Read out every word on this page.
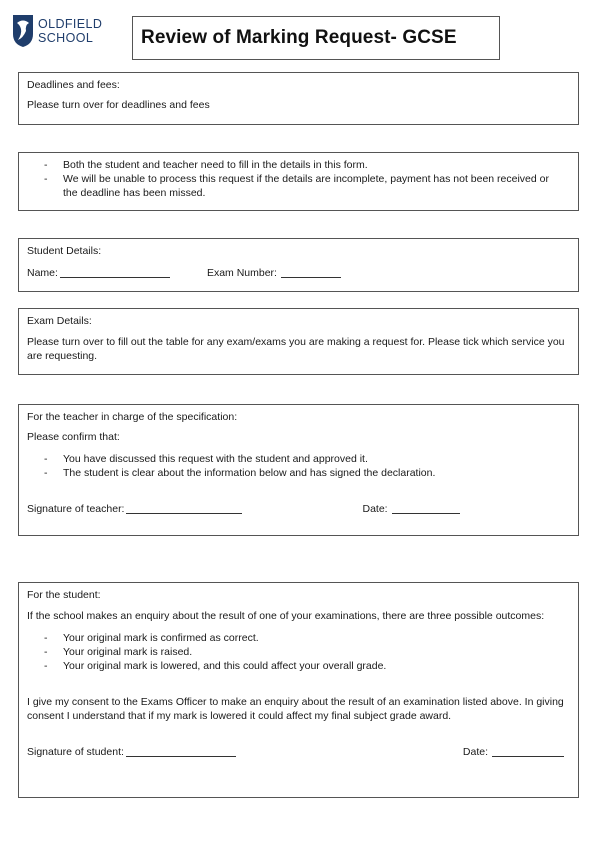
OLDFIELD
SCHOOL	Review of Marking Request- GCSE

Deadlines and fees:

Please turn over for deadlines and fees

- Both the student and teacher need to fill in the details in this form.
- We will be unable to process this request if the details are incomplete, payment has not been received or the deadline has been missed.

Student Details:

Name:	Exam Number:

Exam Details:

Please turn over to fill out the table for any exam/exams you are making a request for. Please tick which service you are requesting.

For the teacher in charge of the specification:

Please confirm that:

- You have discussed this request with the student and approved it.
- The student is clear about the information below and has signed the declaration.
Signature of teacher:	Date:

For the student:

If the school makes an enquiry about the result of one of your examinations, there are three possible outcomes:

- Your original mark is confirmed as correct.
- Your original mark is raised.
- Your original mark is lowered, and this could affect your overall grade.

I give my consent to the Exams Officer to make an enquiry about the result of an examination listed above. In giving consent I understand that if my mark is lowered it could affect my final subject grade award.

Signature of student:	Date:
